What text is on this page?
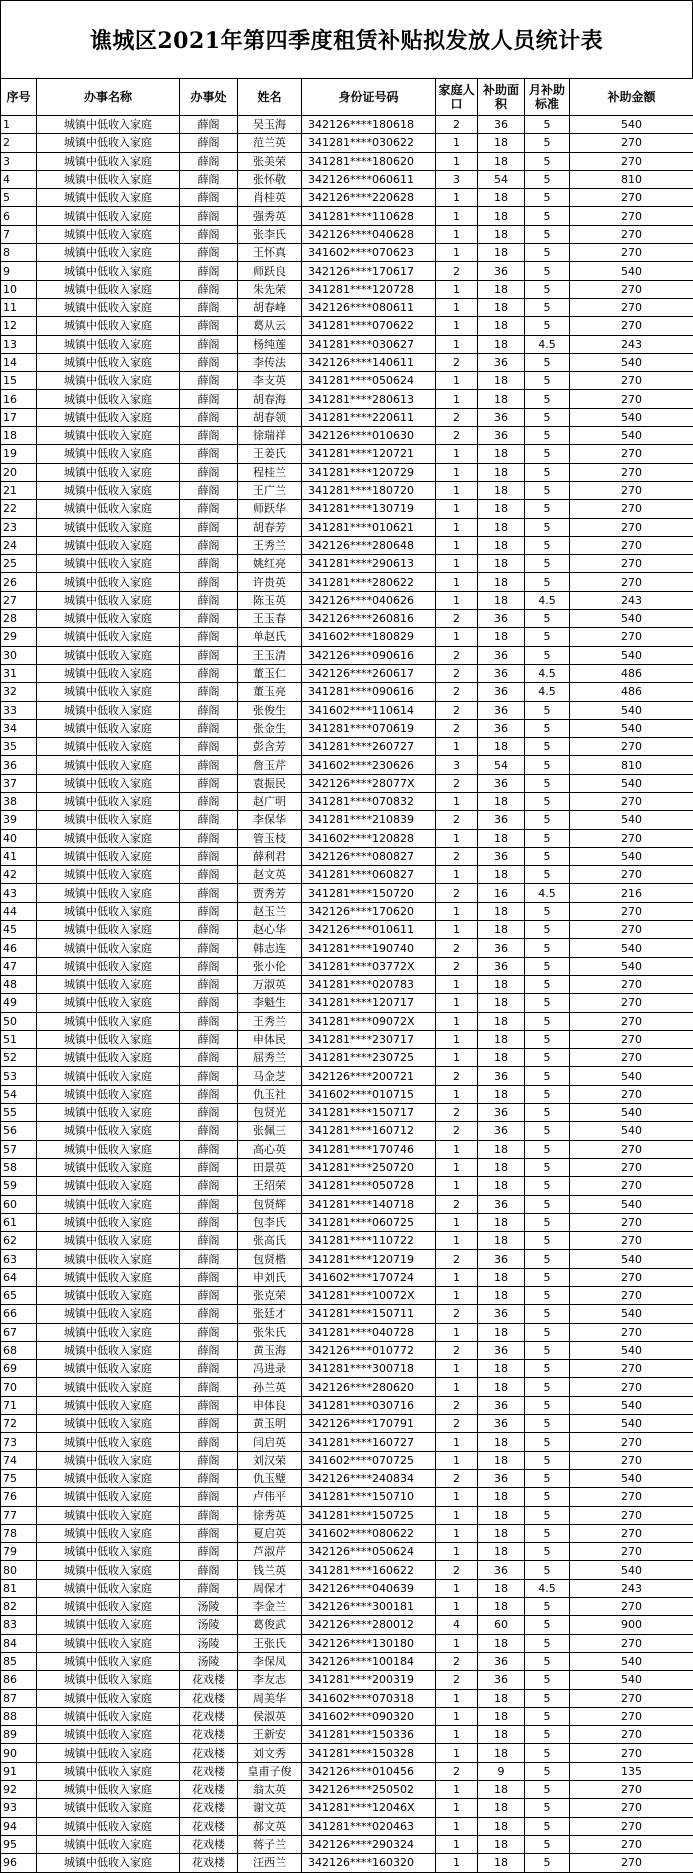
谯城区2021年第四季度租赁补贴拟发放人员统计表
序号	办事名称	办事处	姓名	身份证号码	家庭人口	补助面积	月补助标准	补助金额
1	城镇中低收入家庭	薛阁	吴玉海	342126****180618	2	36	5	540
2	城镇中低收入家庭	薛阁	范兰英	341281****030622	1	18	5	270
3	城镇中低收入家庭	薛阁	张美荣	341281****180620	1	18	5	270
4	城镇中低收入家庭	薛阁	张怀敬	342126****060611	3	54	5	810
5	城镇中低收入家庭	薛阁	肖桂英	342126****220628	1	18	5	270
6	城镇中低收入家庭	薛阁	强秀英	341281****110628	1	18	5	270
7	城镇中低收入家庭	薛阁	张李氏	342126****040628	1	18	5	270
8	城镇中低收入家庭	薛阁	王怀真	341602****070623	1	18	5	270
9	城镇中低收入家庭	薛阁	师跃良	342126****170617	2	36	5	540
10	城镇中低收入家庭	薛阁	朱先荣	341281****120728	1	18	5	270
11	城镇中低收入家庭	薛阁	胡春峰	342126****080611	1	18	5	270
12	城镇中低收入家庭	薛阁	葛从云	341281****070622	1	18	5	270
13	城镇中低收入家庭	薛阁	杨纯莲	341281****030627	1	18	4.5	243
14	城镇中低收入家庭	薛阁	李传法	342126****140611	2	36	5	540
15	城镇中低收入家庭	薛阁	李支英	341281****050624	1	18	5	270
16	城镇中低收入家庭	薛阁	胡春海	341281****280613	1	18	5	270
17	城镇中低收入家庭	薛阁	胡春领	341281****220611	2	36	5	540
18	城镇中低收入家庭	薛阁	徐瑞祥	342126****010630	2	36	5	540
19	城镇中低收入家庭	薛阁	王姜氏	341281****120721	1	18	5	270
20	城镇中低收入家庭	薛阁	程桂兰	341281****120729	1	18	5	270
21	城镇中低收入家庭	薛阁	王广兰	341281****180720	1	18	5	270
22	城镇中低收入家庭	薛阁	师跃华	341281****130719	1	18	5	270
23	城镇中低收入家庭	薛阁	胡春芳	341281****010621	1	18	5	270
24	城镇中低收入家庭	薛阁	王秀兰	342126****280648	1	18	5	270
25	城镇中低收入家庭	薛阁	姚红亮	341281****290613	1	18	5	270
26	城镇中低收入家庭	薛阁	许贵英	341281****280622	1	18	5	270
27	城镇中低收入家庭	薛阁	陈玉英	342126****040626	1	18	4.5	243
28	城镇中低收入家庭	薛阁	王玉春	342126****260816	2	36	5	540
29	城镇中低收入家庭	薛阁	单赵氏	341602****180829	1	18	5	270
30	城镇中低收入家庭	薛阁	王玉清	342126****090616	2	36	5	540
31	城镇中低收入家庭	薛阁	董玉仁	342126****260617	2	36	4.5	486
32	城镇中低收入家庭	薛阁	董玉亮	341281****090616	2	36	4.5	486
33	城镇中低收入家庭	薛阁	张俊生	341602****110614	2	36	5	540
34	城镇中低收入家庭	薛阁	张金生	341281****070619	2	36	5	540
35	城镇中低收入家庭	薛阁	彭含芳	341281****260727	1	18	5	270
36	城镇中低收入家庭	薛阁	詹玉芹	341602****230626	3	54	5	810
37	城镇中低收入家庭	薛阁	袁振民	342126****28077X	2	36	5	540
38	城镇中低收入家庭	薛阁	赵广明	341281****070832	1	18	5	270
39	城镇中低收入家庭	薛阁	李保华	341281****210839	2	36	5	540
40	城镇中低收入家庭	薛阁	管玉枝	341602****120828	1	18	5	270
41	城镇中低收入家庭	薛阁	薛利君	342126****080827	2	36	5	540
42	城镇中低收入家庭	薛阁	赵文英	341281****060827	1	18	5	270
43	城镇中低收入家庭	薛阁	贾秀芳	341281****150720	2	16	4.5	216
44	城镇中低收入家庭	薛阁	赵玉兰	342126****170620	1	18	5	270
45	城镇中低收入家庭	薛阁	赵心华	342126****010611	1	18	5	270
46	城镇中低收入家庭	薛阁	韩志连	341281****190740	2	36	5	540
47	城镇中低收入家庭	薛阁	张小伦	341281****03772X	2	36	5	540
48	城镇中低收入家庭	薛阁	万淑英	341281****020783	1	18	5	270
49	城镇中低收入家庭	薛阁	李魁生	341281****120717	1	18	5	270
50	城镇中低收入家庭	薛阁	王秀兰	341281****09072X	1	18	5	270
51	城镇中低收入家庭	薛阁	申体民	341281****230717	1	18	5	270
52	城镇中低收入家庭	薛阁	屈秀兰	341281****230725	1	18	5	270
53	城镇中低收入家庭	薛阁	马金芝	342126****200721	2	36	5	540
54	城镇中低收入家庭	薛阁	仇玉社	341602****010715	1	18	5	270
55	城镇中低收入家庭	薛阁	包贤光	341281****150717	2	36	5	540
56	城镇中低收入家庭	薛阁	张佩三	341281****160712	2	36	5	540
57	城镇中低收入家庭	薛阁	高心英	341281****170746	1	18	5	270
58	城镇中低收入家庭	薛阁	田景英	341281****250720	1	18	5	270
59	城镇中低收入家庭	薛阁	王绍荣	341281****050728	1	18	5	270
60	城镇中低收入家庭	薛阁	包贤辉	341281****140718	2	36	5	540
61	城镇中低收入家庭	薛阁	包李氏	341281****060725	1	18	5	270
62	城镇中低收入家庭	薛阁	张高氏	341281****110722	1	18	5	270
63	城镇中低收入家庭	薛阁	包贤楷	341281****120719	2	36	5	540
64	城镇中低收入家庭	薛阁	申刘氏	341602****170724	1	18	5	270
65	城镇中低收入家庭	薛阁	张克荣	341281****10072X	1	18	5	270
66	城镇中低收入家庭	薛阁	张廷才	341281****150711	2	36	5	540
67	城镇中低收入家庭	薛阁	张朱氏	341281****040728	1	18	5	270
68	城镇中低收入家庭	薛阁	黄玉海	342126****010772	2	36	5	540
69	城镇中低收入家庭	薛阁	冯进录	341281****300718	1	18	5	270
70	城镇中低收入家庭	薛阁	孙兰英	342126****280620	1	18	5	270
71	城镇中低收入家庭	薛阁	申体良	341281****030716	2	36	5	540
72	城镇中低收入家庭	薛阁	黄玉明	342126****170791	2	36	5	540
73	城镇中低收入家庭	薛阁	闫启英	341281****160727	1	18	5	270
74	城镇中低收入家庭	薛阁	刘汉荣	341602****070725	1	18	5	270
75	城镇中低收入家庭	薛阁	仇玉璧	342126****240834	2	36	5	540
76	城镇中低收入家庭	薛阁	卢伟平	341281****150710	1	18	5	270
77	城镇中低收入家庭	薛阁	徐秀英	341281****150725	1	18	5	270
78	城镇中低收入家庭	薛阁	夏启英	341602****080622	1	18	5	270
79	城镇中低收入家庭	薛阁	芦淑芹	342126****050624	1	18	5	270
80	城镇中低收入家庭	薛阁	钱兰英	341281****160622	2	36	5	540
81	城镇中低收入家庭	薛阁	周保才	342126****040639	1	18	4.5	243
82	城镇中低收入家庭	汤陵	李金兰	342126****300181	1	18	5	270
83	城镇中低收入家庭	汤陵	葛俊武	342126****280012	4	60	5	900
84	城镇中低收入家庭	汤陵	王张氏	342126****130180	1	18	5	270
85	城镇中低收入家庭	汤陵	李保凤	342126****100184	2	36	5	540
86	城镇中低收入家庭	花戏楼	李友志	341281****200319	2	36	5	540
87	城镇中低收入家庭	花戏楼	周美华	341602****070318	1	18	5	270
88	城镇中低收入家庭	花戏楼	侯淑英	341602****090320	1	18	5	270
89	城镇中低收入家庭	花戏楼	王新安	341281****150336	1	18	5	270
90	城镇中低收入家庭	花戏楼	刘文秀	341281****150328	1	18	5	270
91	城镇中低收入家庭	花戏楼	皇甫子俊	342126****010456	2	9	5	135
92	城镇中低收入家庭	花戏楼	翁太英	342126****250502	1	18	5	270
93	城镇中低收入家庭	花戏楼	谢文英	341281****12046X	1	18	5	270
94	城镇中低收入家庭	花戏楼	郝文英	341281****020463	1	18	5	270
95	城镇中低收入家庭	花戏楼	蒋子兰	342126****290324	1	18	5	270
96	城镇中低收入家庭	花戏楼	汪西兰	342126****160320	1	18	5	270
